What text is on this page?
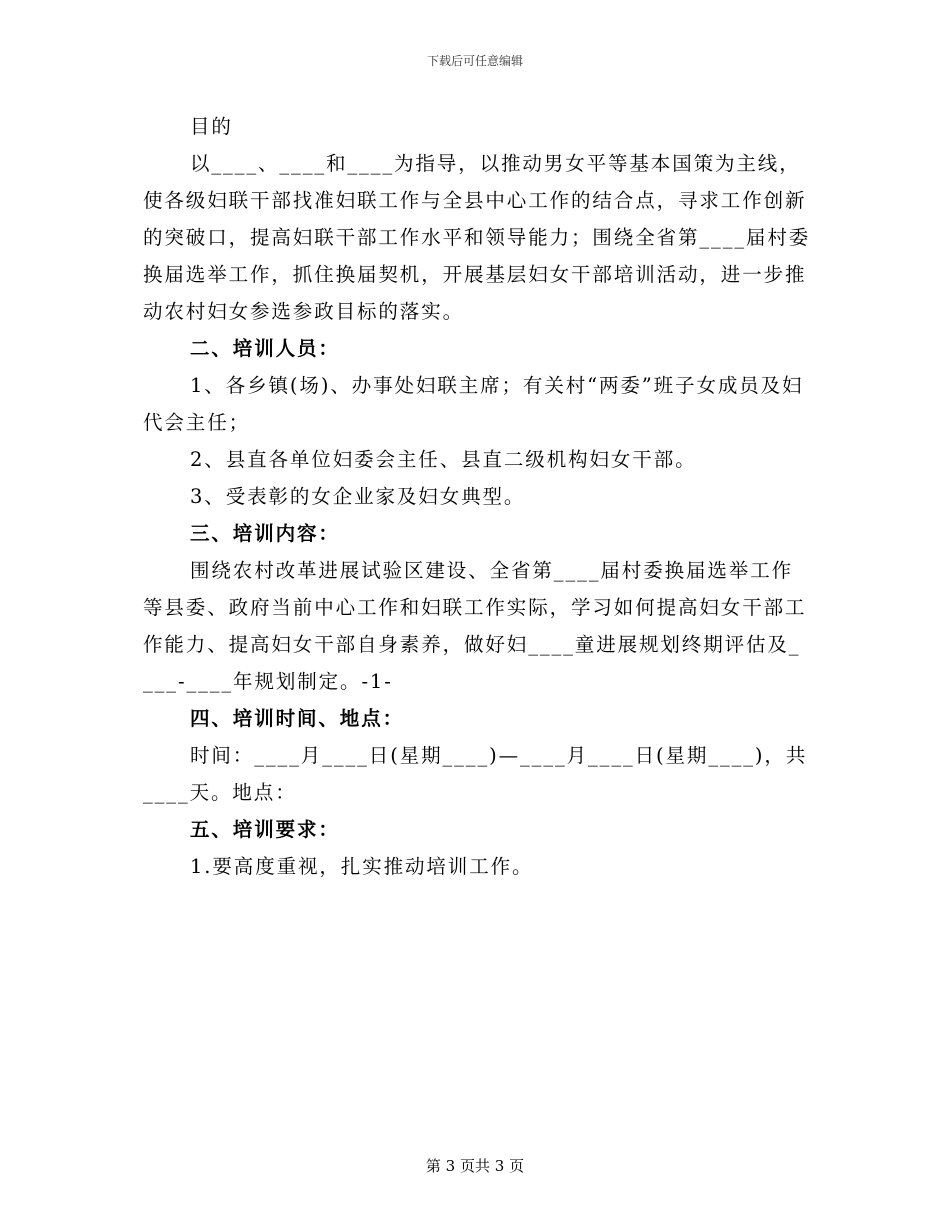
下载后可任意编辑

目的

以____、____和____为指导，以推动男女平等基本国策为主线，使各级妇联干部找准妇联工作与全县中心工作的结合点，寻求工作创新的突破口，提高妇联干部工作水平和领导能力；围绕全省第____届村委换届选举工作，抓住换届契机，开展基层妇女干部培训活动，进一步推动农村妇女参选参政目标的落实。

二、培训人员：

1、各乡镇(场)、办事处妇联主席；有关村“两委”班子女成员及妇代会主任；

2、县直各单位妇委会主任、县直二级机构妇女干部。

3、受表彰的女企业家及妇女典型。

三、培训内容：

围绕农村改革进展试验区建设、全省第____届村委换届选举工作等县委、政府当前中心工作和妇联工作实际，学习如何提高妇女干部工作能力、提高妇女干部自身素养，做好妇____童进展规划终期评估及____-____年规划制定。-1-

四、培训时间、地点：

时间：____月____日(星期____)—____月____日(星期____)，共____天。地点：

五、培训要求：

1.要高度重视，扎实推动培训工作。

第 3 页共 3 页
